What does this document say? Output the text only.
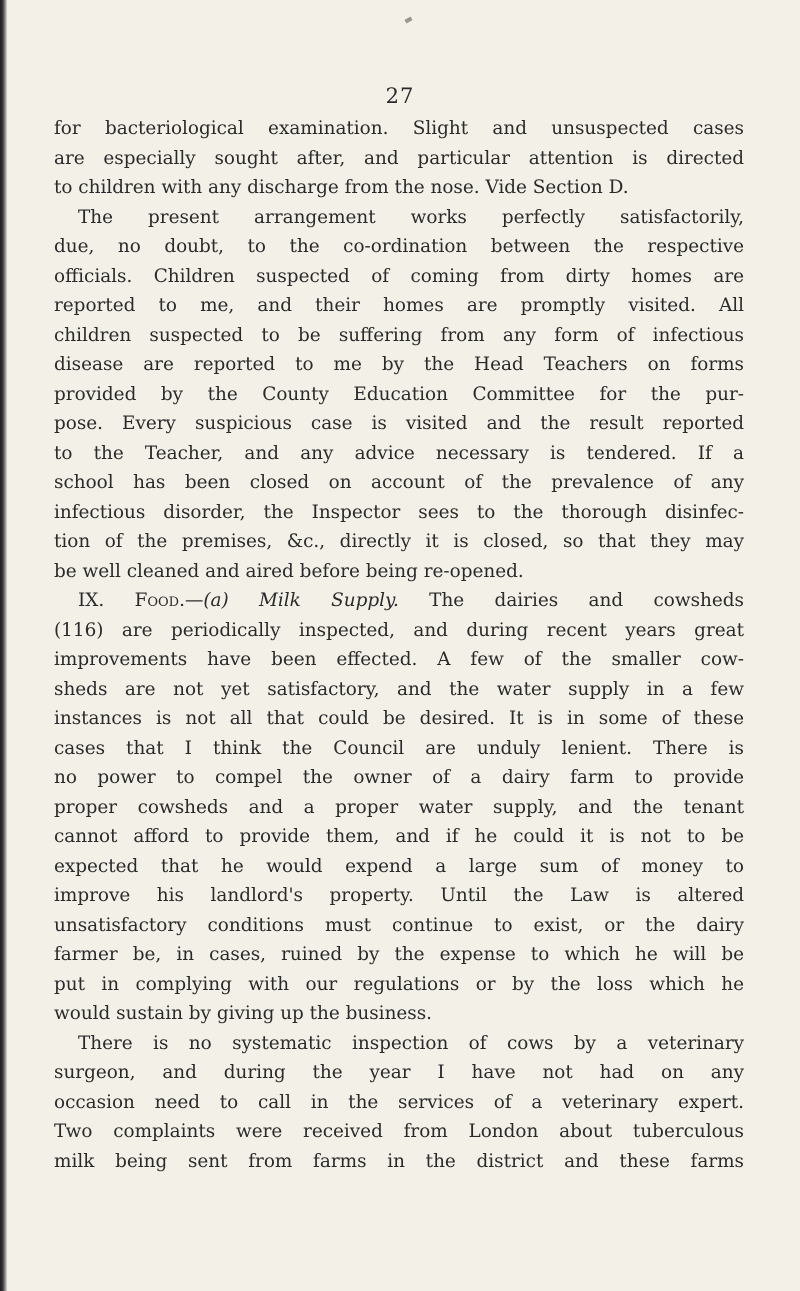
27
for bacteriological examination. Slight and unsuspected cases
are especially sought after, and particular attention is directed
to children with any discharge from the nose. Vide Section D.
The present arrangement works perfectly satisfactorily,
due, no doubt, to the co-ordination between the respective
officials. Children suspected of coming from dirty homes are
reported to me, and their homes are promptly visited. All
children suspected to be suffering from any form of infectious
disease are reported to me by the Head Teachers on forms
provided by the County Education Committee for the pur-
pose. Every suspicious case is visited and the result reported
to the Teacher, and any advice necessary is tendered. If a
school has been closed on account of the prevalence of any
infectious disorder, the Inspector sees to the thorough disinfec-
tion of the premises, &c., directly it is closed, so that they may
be well cleaned and aired before being re-opened.
IX. Food.—(a) Milk Supply. The dairies and cowsheds
(116) are periodically inspected, and during recent years great
improvements have been effected. A few of the smaller cow-
sheds are not yet satisfactory, and the water supply in a few
instances is not all that could be desired. It is in some of these
cases that I think the Council are unduly lenient. There is
no power to compel the owner of a dairy farm to provide
proper cowsheds and a proper water supply, and the tenant
cannot afford to provide them, and if he could it is not to be
expected that he would expend a large sum of money to
improve his landlord's property. Until the Law is altered
unsatisfactory conditions must continue to exist, or the dairy
farmer be, in cases, ruined by the expense to which he will be
put in complying with our regulations or by the loss which he
would sustain by giving up the business.
There is no systematic inspection of cows by a veterinary
surgeon, and during the year I have not had on any
occasion need to call in the services of a veterinary expert.
Two complaints were received from London about tuberculous
milk being sent from farms in the district and these farms
